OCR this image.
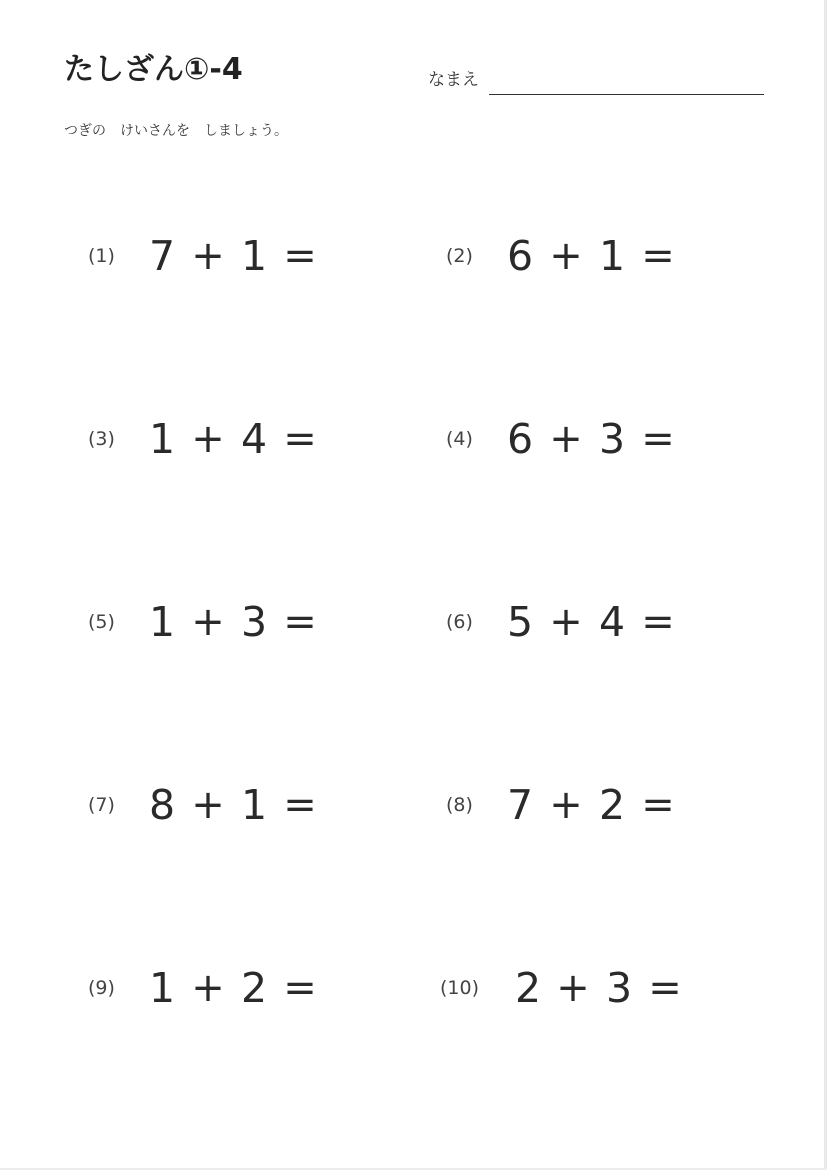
たしざん①-4	なまえ
つぎの　けいさんを　しましょう。
(1) 7 + 1 =	(2) 6 + 1 =
(3) 1 + 4 =	(4) 6 + 3 =
(5) 1 + 3 =	(6) 5 + 4 =
(7) 8 + 1 =	(8) 7 + 2 =
(9) 1 + 2 =	(10) 2 + 3 =
